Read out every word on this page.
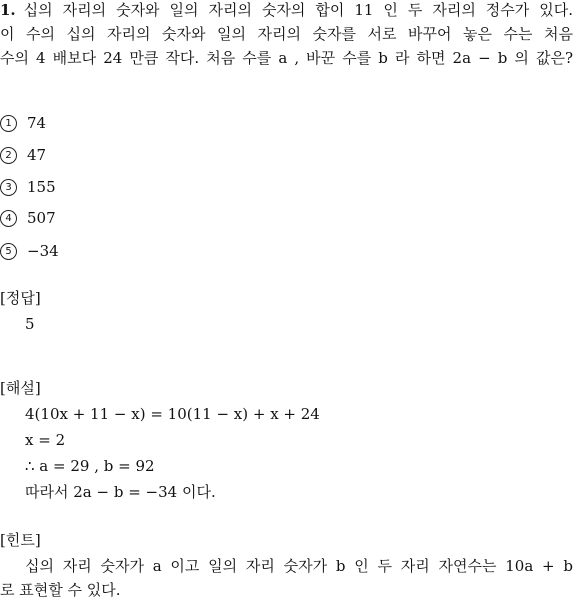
1. 십의 자리의 숫자와 일의 자리의 숫자의 합이 11 인 두 자리의 정수가 있다.
이 수의 십의 자리의 숫자와 일의 자리의 숫자를 서로 바꾸어 놓은 수는 처음
수의 4 배보다 24 만큼 작다. 처음 수를 a , 바꾼 수를 b 라 하면 2a − b 의 값은?
1	74
2	47
3	155
4	507
5	−34
[정답]
5
[해설]
4(10x + 11 − x) = 10(11 − x) + x + 24
x = 2
∴ a = 29 , b = 92
따라서 2a − b = −34 이다.
[힌트]
십의 자리 숫자가 a 이고 일의 자리 숫자가 b 인 두 자리 자연수는 10a + b
로 표현할 수 있다.
